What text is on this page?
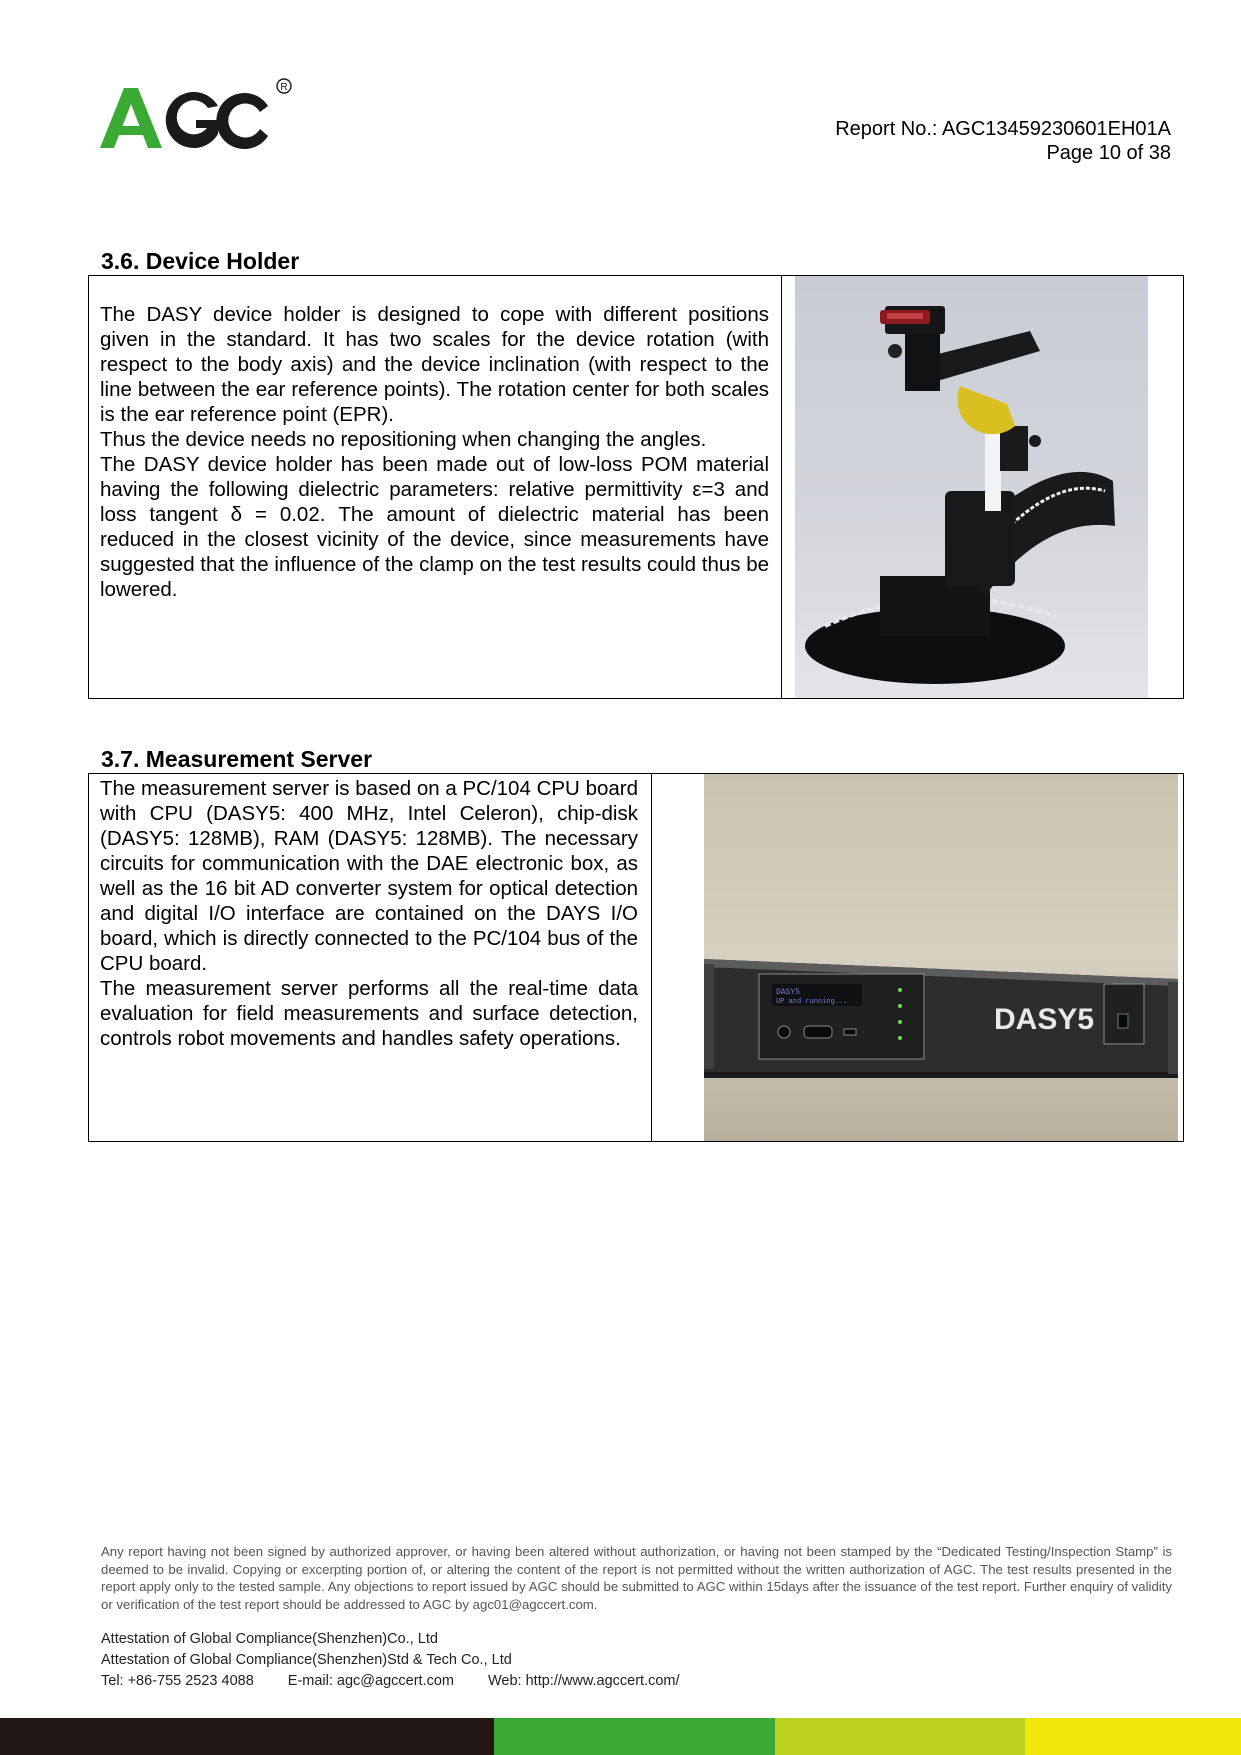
R
Report No.: AGC13459230601EH01A
Page 10 of 38
3.6. Device Holder

The DASY device holder is designed to cope with different positions given in the standard. It has two scales for the device rotation (with respect to the body axis) and the device inclination (with respect to the line between the ear reference points). The rotation center for both scales is the ear reference point (EPR).

Thus the device needs no repositioning when changing the angles.

The DASY device holder has been made out of low-loss POM material having the following dielectric parameters: relative permittivity ε=3 and loss tangent δ = 0.02. The amount of dielectric material has been reduced in the closest vicinity of the device, since measurements have suggested that the influence of the clamp on the test results could thus be lowered.

3.7. Measurement Server

The measurement server is based on a PC/104 CPU board with CPU (DASY5: 400 MHz, Intel Celeron), chip-disk (DASY5: 128MB), RAM (DASY5: 128MB). The necessary circuits for communication with the DAE electronic box, as well as the 16 bit AD converter system for optical detection and digital I/O interface are contained on the DAYS I/O board, which is directly connected to the PC/104 bus of the CPU board.

The measurement server performs all the real-time data evaluation for field measurements and surface detection, controls robot movements and handles safety operations.

DASY5
UP and running...
DASY5
Any report having not been signed by authorized approver, or having been altered without authorization, or having not been stamped by the “Dedicated Testing/Inspection Stamp” is deemed to be invalid. Copying or excerpting portion of, or altering the content of the report is not permitted without the written authorization of AGC. The test results presented in the report apply only to the tested sample. Any objections to report issued by AGC should be submitted to AGC within 15days after the issuance of the test report. Further enquiry of validity or verification of the test report should be addressed to AGC by agc01@agccert.com.
Attestation of Global Compliance(Shenzhen)Co., Ltd
Attestation of Global Compliance(Shenzhen)Std & Tech Co., Ltd
Tel: +86-755 2523 4088 E-mail: agc@agccert.com Web: http://www.agccert.com/
